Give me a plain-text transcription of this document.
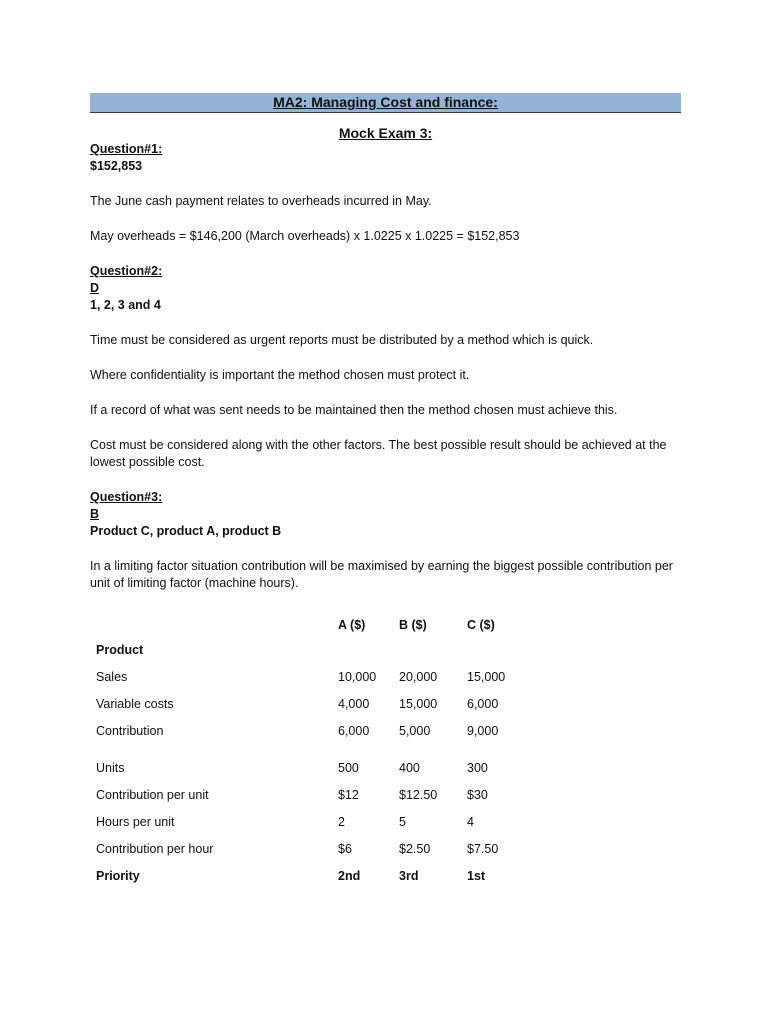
MA2: Managing Cost and finance:
Mock Exam 3:
Question#1:
$152,853

The June cash payment relates to overheads incurred in May.

May overheads = $146,200 (March overheads) x 1.0225 x 1.0225 = $152,853

Question#2:
D
1, 2, 3 and 4

Time must be considered as urgent reports must be distributed by a method which is quick.

Where confidentiality is important the method chosen must protect it.

If a record of what was sent needs to be maintained then the method chosen must achieve this.

Cost must be considered along with the other factors. The best possible result should be achieved at the lowest possible cost.

Question#3:
B
Product C, product A, product B

In a limiting factor situation contribution will be maximised by earning the biggest possible contribution per unit of limiting factor (machine hours).

	A ($)	B ($)	C ($)
Product			
Sales	10,000	20,000	15,000
Variable costs	4,000	15,000	6,000
Contribution	6,000	5,000	9,000

Units	500	400	300
Contribution per unit	$12	$12.50	$30
Hours per unit	2	5	4
Contribution per hour	$6	$2.50	$7.50
Priority	2nd	3rd	1st
